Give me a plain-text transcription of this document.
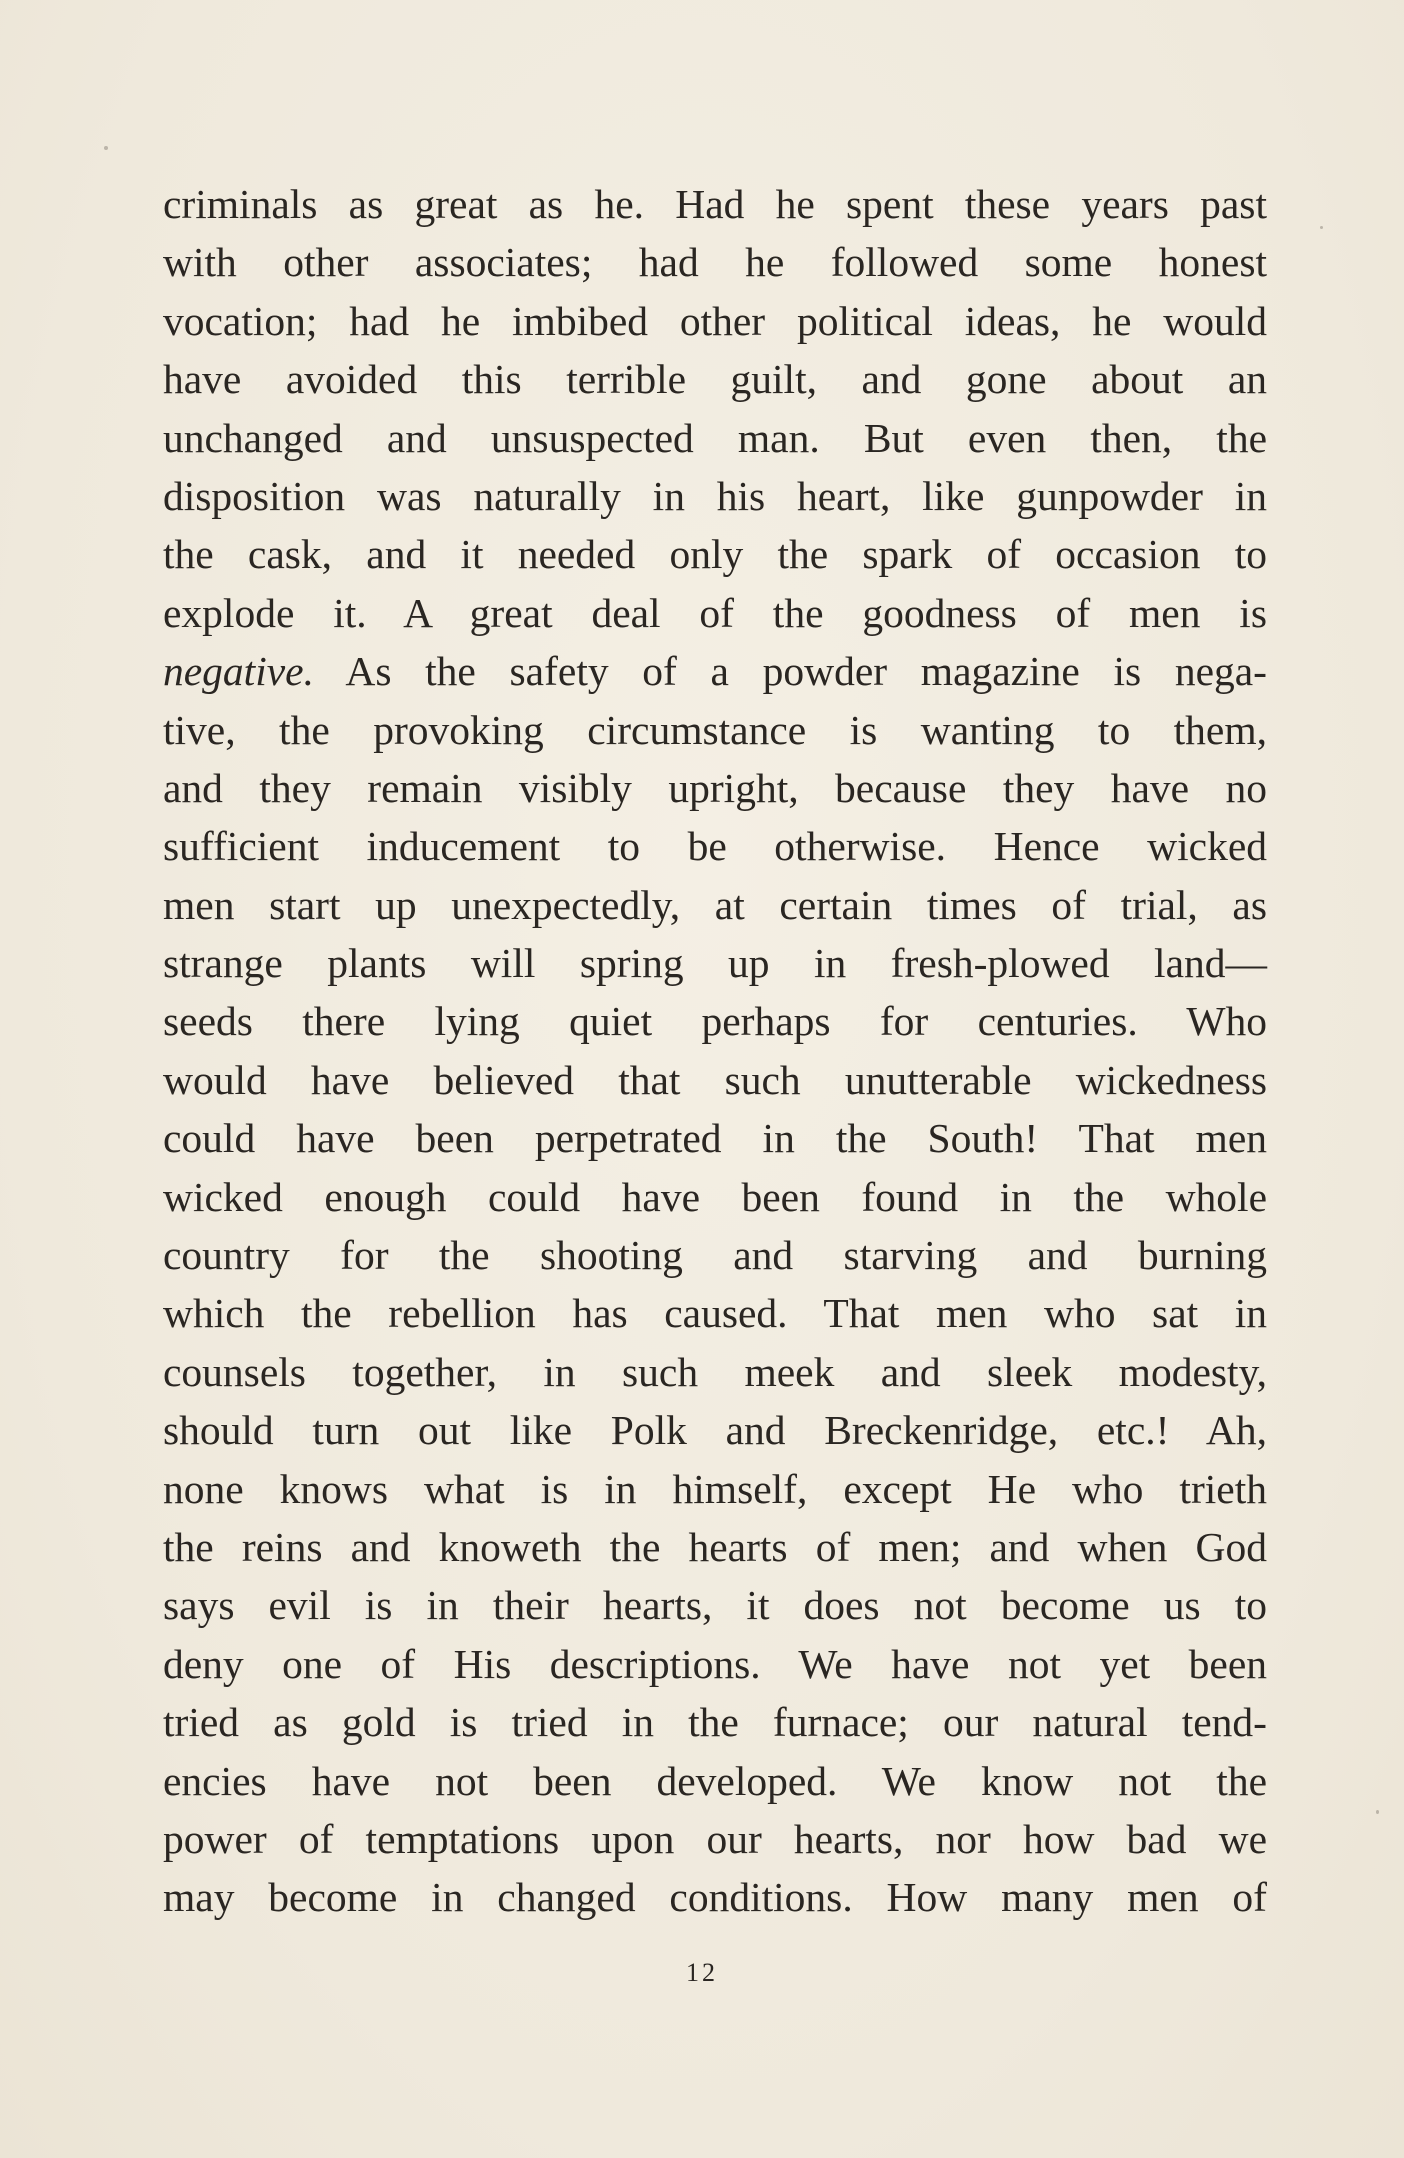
criminals as great as he. Had he spent these years past
with other associates; had he followed some honest
vocation; had he imbibed other political ideas, he would
have avoided this terrible guilt, and gone about an
unchanged and unsuspected man. But even then, the
disposition was naturally in his heart, like gunpowder in
the cask, and it needed only the spark of occasion to
explode it. A great deal of the goodness of men is
negative. As the safety of a powder magazine is nega-
tive, the provoking circumstance is wanting to them,
and they remain visibly upright, because they have no
sufficient inducement to be otherwise. Hence wicked
men start up unexpectedly, at certain times of trial, as
strange plants will spring up in fresh-plowed land—
seeds there lying quiet perhaps for centuries. Who
would have believed that such unutterable wickedness
could have been perpetrated in the South! That men
wicked enough could have been found in the whole
country for the shooting and starving and burning
which the rebellion has caused. That men who sat in
counsels together, in such meek and sleek modesty,
should turn out like Polk and Breckenridge, etc.! Ah,
none knows what is in himself, except He who trieth
the reins and knoweth the hearts of men; and when God
says evil is in their hearts, it does not become us to
deny one of His descriptions. We have not yet been
tried as gold is tried in the furnace; our natural tend-
encies have not been developed. We know not the
power of temptations upon our hearts, nor how bad we
may become in changed conditions. How many men of
12
